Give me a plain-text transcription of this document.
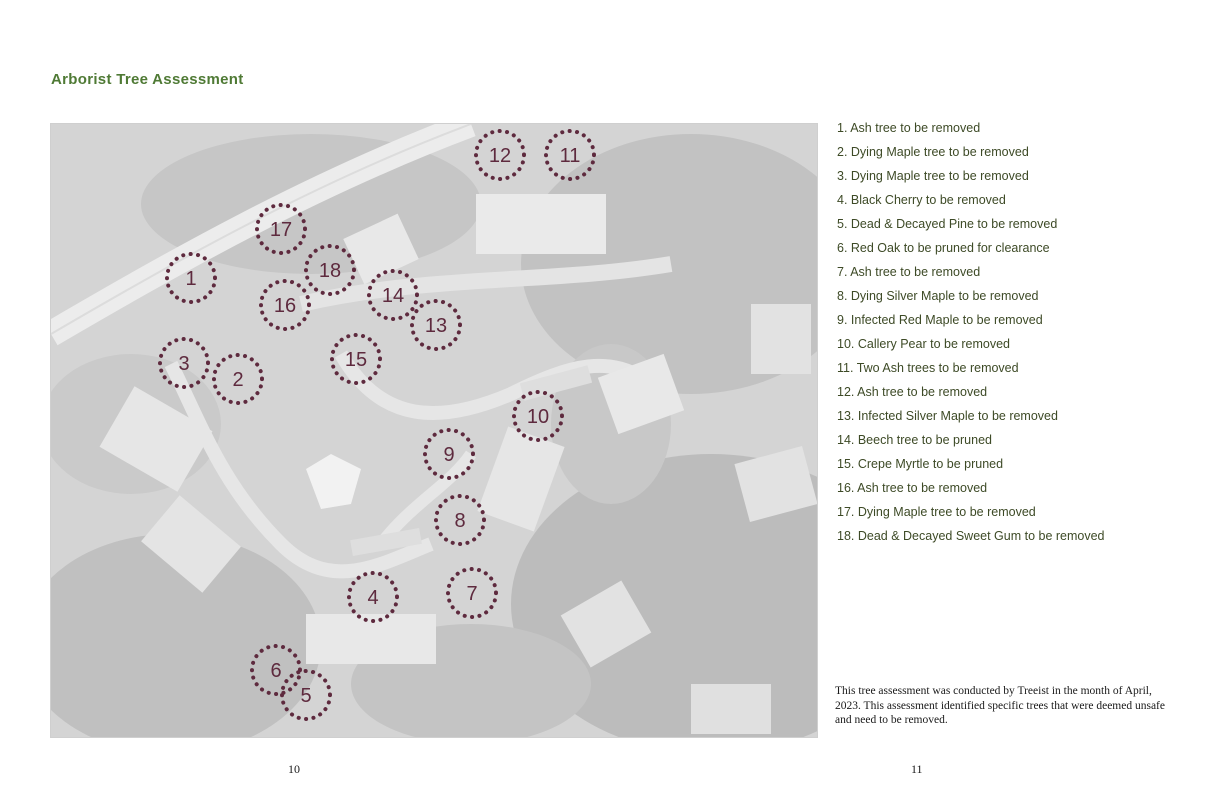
Arborist Tree Assessment
1
2
3
4
5
6
7
8
9
10
11
12
13
14
15
16
17
18
1. Ash tree to be removed
2. Dying Maple tree to be removed
3. Dying Maple tree to be removed
4. Black Cherry to be removed
5. Dead & Decayed Pine to be removed
6. Red Oak to be pruned for clearance
7. Ash tree to be removed
8. Dying Silver Maple to be removed
9. Infected Red Maple to be removed
10. Callery Pear to be removed
11. Two Ash trees to be removed
12. Ash tree to be removed
13. Infected Silver Maple to be removed
14. Beech tree to be pruned
15. Crepe Myrtle to be pruned
16. Ash tree to be removed
17. Dying Maple tree to be removed
18. Dead & Decayed Sweet Gum to be removed
This tree assessment was conducted by Treeist in the month of April, 2023. This assessment identified specific trees that were deemed unsafe and need to be removed.
10	11
